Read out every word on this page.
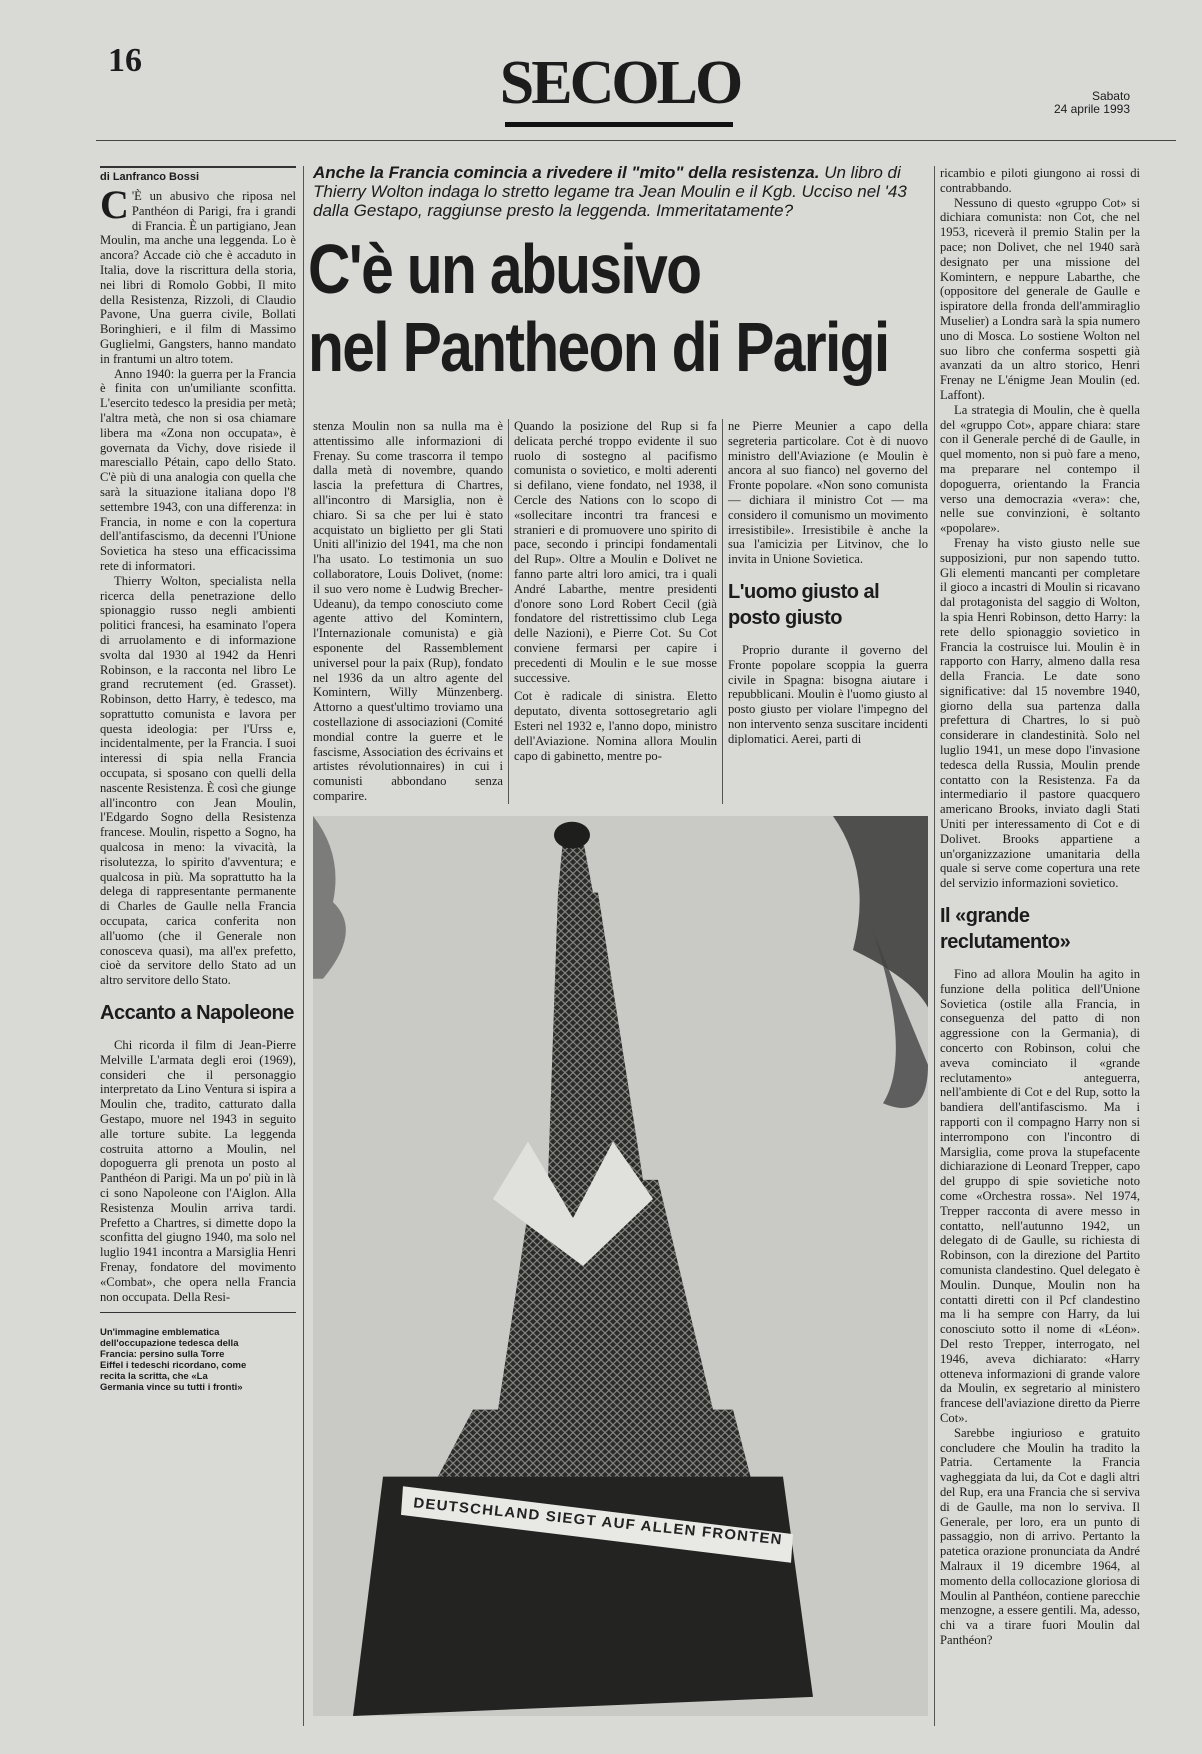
16	SECOLO	Sabato
24 aprile 1993
di Lanfranco Bossi
C 'È un abusivo che riposa nel Panthéon di Parigi, fra i grandi di Francia. È un partigiano, Jean Moulin, ma anche una leggenda. Lo è ancora? Accade ciò che è accaduto in Italia, dove la riscrittura della storia, nei libri di Romolo Gobbi, Il mito della Resistenza, Rizzoli, di Claudio Pavone, Una guerra civile, Bollati Boringhieri, e il film di Massimo Guglielmi, Gangsters, hanno mandato in frantumi un altro totem.

Anno 1940: la guerra per la Francia è finita con un'umiliante sconfitta. L'esercito tedesco la presidia per metà; l'altra metà, che non si osa chiamare libera ma «Zona non occupata», è governata da Vichy, dove risiede il maresciallo Pétain, capo dello Stato. C'è più di una analogia con quella che sarà la situazione italiana dopo l'8 settembre 1943, con una differenza: in Francia, in nome e con la copertura dell'antifascismo, da decenni l'Unione Sovietica ha steso una efficacissima rete di informatori.

Thierry Wolton, specialista nella ricerca della penetrazione dello spionaggio russo negli ambienti politici francesi, ha esaminato l'opera di arruolamento e di informazione svolta dal 1930 al 1942 da Henri Robinson, e la racconta nel libro Le grand recrutement (ed. Grasset). Robinson, detto Harry, è tedesco, ma soprattutto comunista e lavora per questa ideologia: per l'Urss e, incidentalmente, per la Francia. I suoi interessi di spia nella Francia occupata, si sposano con quelli della nascente Resistenza. È così che giunge all'incontro con Jean Moulin, l'Edgardo Sogno della Resistenza francese. Moulin, rispetto a Sogno, ha qualcosa in meno: la vivacità, la risolutezza, lo spirito d'avventura; e qualcosa in più. Ma soprattutto ha la delega di rappresentante permanente di Charles de Gaulle nella Francia occupata, carica conferita non all'uomo (che il Generale non conosceva quasi), ma all'ex prefetto, cioè da servitore dello Stato ad un altro servitore dello Stato.

Accanto a Napoleone

Chi ricorda il film di Jean-Pierre Melville L'armata degli eroi (1969), consideri che il personaggio interpretato da Lino Ventura si ispira a Moulin che, tradito, catturato dalla Gestapo, muore nel 1943 in seguito alle torture subite. La leggenda costruita attorno a Moulin, nel dopoguerra gli prenota un posto al Panthéon di Parigi. Ma un po' più in là ci sono Napoleone con l'Aiglon. Alla Resistenza Moulin arriva tardi. Prefetto a Chartres, si dimette dopo la sconfitta del giugno 1940, ma solo nel luglio 1941 incontra a Marsiglia Henri Frenay, fondatore del movimento «Combat», che opera nella Francia non occupata. Della Resi-

Un'immagine emblematica dell'occupazione tedesca della Francia: persino sulla Torre Eiffel i tedeschi ricordano, come recita la scritta, che «La Germania vince su tutti i fronti»
Anche la Francia comincia a rivedere il "mito" della resistenza. Un libro di Thierry Wolton indaga lo stretto legame tra Jean Moulin e il Kgb. Ucciso nel '43 dalla Gestapo, raggiunse presto la leggenda. Immeritatamente?
C'è un abusivo
nel Pantheon di Parigi

stenza Moulin non sa nulla ma è attentissimo alle informazioni di Frenay. Su come trascorra il tempo dalla metà di novembre, quando lascia la prefettura di Chartres, all'incontro di Marsiglia, non è chiaro. Si sa che per lui è stato acquistato un biglietto per gli Stati Uniti all'inizio del 1941, ma che non l'ha usato. Lo testimonia un suo collaboratore, Louis Dolivet, (nome: il suo vero nome è Ludwig Brecher-Udeanu), da tempo conosciuto come agente attivo del Komintern, l'Internazionale comunista) e già esponente del Rassemblement universel pour la paix (Rup), fondato nel 1936 da un altro agente del Komintern, Willy Münzenberg. Attorno a quest'ultimo troviamo una costellazione di associazioni (Comité mondial contre la guerre et le fascisme, Association des écrivains et artistes révolutionnaires) in cui i comunisti abbondano senza comparire.

Quando la posizione del Rup si fa delicata perché troppo evidente il suo ruolo di sostegno al pacifismo comunista o sovietico, e molti aderenti si defilano, viene fondato, nel 1938, il Cercle des Nations con lo scopo di «sollecitare incontri tra francesi e stranieri e di promuovere uno spirito di pace, secondo i principi fondamentali del Rup». Oltre a Moulin e Dolivet ne fanno parte altri loro amici, tra i quali André Labarthe, mentre presidenti d'onore sono Lord Robert Cecil (già fondatore del ristrettissimo club Lega delle Nazioni), e Pierre Cot. Su Cot conviene fermarsi per capire i precedenti di Moulin e le sue mosse successive.

Cot è radicale di sinistra. Eletto deputato, diventa sottosegretario agli Esteri nel 1932 e, l'anno dopo, ministro dell'Aviazione. Nomina allora Moulin capo di gabinetto, mentre po-

ne Pierre Meunier a capo della segreteria particolare. Cot è di nuovo ministro dell'Aviazione (e Moulin è ancora al suo fianco) nel governo del Fronte popolare. «Non sono comunista — dichiara il ministro Cot — ma considero il comunismo un movimento irresistibile». Irresistibile è anche la sua l'amicizia per Litvinov, che lo invita in Unione Sovietica.

L'uomo giusto al posto giusto

Proprio durante il governo del Fronte popolare scoppia la guerra civile in Spagna: bisogna aiutare i repubblicani. Moulin è l'uomo giusto al posto giusto per violare l'impegno del non intervento senza suscitare incidenti diplomatici. Aerei, parti di

DEUTSCHLAND SIEGT AUF ALLEN FRONTEN

ricambio e piloti giungono ai rossi di contrabbando.

Nessuno di questo «gruppo Cot» si dichiara comunista: non Cot, che nel 1953, riceverà il premio Stalin per la pace; non Dolivet, che nel 1940 sarà designato per una missione del Komintern, e neppure Labarthe, che (oppositore del generale de Gaulle e ispiratore della fronda dell'ammiraglio Muselier) a Londra sarà la spia numero uno di Mosca. Lo sostiene Wolton nel suo libro che conferma sospetti già avanzati da un altro storico, Henri Frenay ne L'énigme Jean Moulin (ed. Laffont).

La strategia di Moulin, che è quella del «gruppo Cot», appare chiara: stare con il Generale perché di de Gaulle, in quel momento, non si può fare a meno, ma preparare nel contempo il dopoguerra, orientando la Francia verso una democrazia «vera»: che, nelle sue convinzioni, è soltanto «popolare».

Frenay ha visto giusto nelle sue supposizioni, pur non sapendo tutto. Gli elementi mancanti per completare il gioco a incastri di Moulin si ricavano dal protagonista del saggio di Wolton, la spia Henri Robinson, detto Harry: la rete dello spionaggio sovietico in Francia la costruisce lui. Moulin è in rapporto con Harry, almeno dalla resa della Francia. Le date sono significative: dal 15 novembre 1940, giorno della sua partenza dalla prefettura di Chartres, lo si può considerare in clandestinità. Solo nel luglio 1941, un mese dopo l'invasione tedesca della Russia, Moulin prende contatto con la Resistenza. Fa da intermediario il pastore quacquero americano Brooks, inviato dagli Stati Uniti per interessamento di Cot e di Dolivet. Brooks appartiene a un'organizzazione umanitaria della quale si serve come copertura una rete del servizio informazioni sovietico.

Il «grande reclutamento»

Fino ad allora Moulin ha agito in funzione della politica dell'Unione Sovietica (ostile alla Francia, in conseguenza del patto di non aggressione con la Germania), di concerto con Robinson, colui che aveva cominciato il «grande reclutamento» anteguerra, nell'ambiente di Cot e del Rup, sotto la bandiera dell'antifascismo. Ma i rapporti con il compagno Harry non si interrompono con l'incontro di Marsiglia, come prova la stupefacente dichiarazione di Leonard Trepper, capo del gruppo di spie sovietiche noto come «Orchestra rossa». Nel 1974, Trepper racconta di avere messo in contatto, nell'autunno 1942, un delegato di de Gaulle, su richiesta di Robinson, con la direzione del Partito comunista clandestino. Quel delegato è Moulin. Dunque, Moulin non ha contatti diretti con il Pcf clandestino ma li ha sempre con Harry, da lui conosciuto sotto il nome di «Léon». Del resto Trepper, interrogato, nel 1946, aveva dichiarato: «Harry otteneva informazioni di grande valore da Moulin, ex segretario al ministero francese dell'aviazione diretto da Pierre Cot».

Sarebbe ingiurioso e gratuito concludere che Moulin ha tradito la Patria. Certamente la Francia vagheggiata da lui, da Cot e dagli altri del Rup, era una Francia che si serviva di de Gaulle, ma non lo serviva. Il Generale, per loro, era un punto di passaggio, non di arrivo. Pertanto la patetica orazione pronunciata da André Malraux il 19 dicembre 1964, al momento della collocazione gloriosa di Moulin al Panthéon, contiene parecchie menzogne, a essere gentili. Ma, adesso, chi va a tirare fuori Moulin dal Panthéon?
